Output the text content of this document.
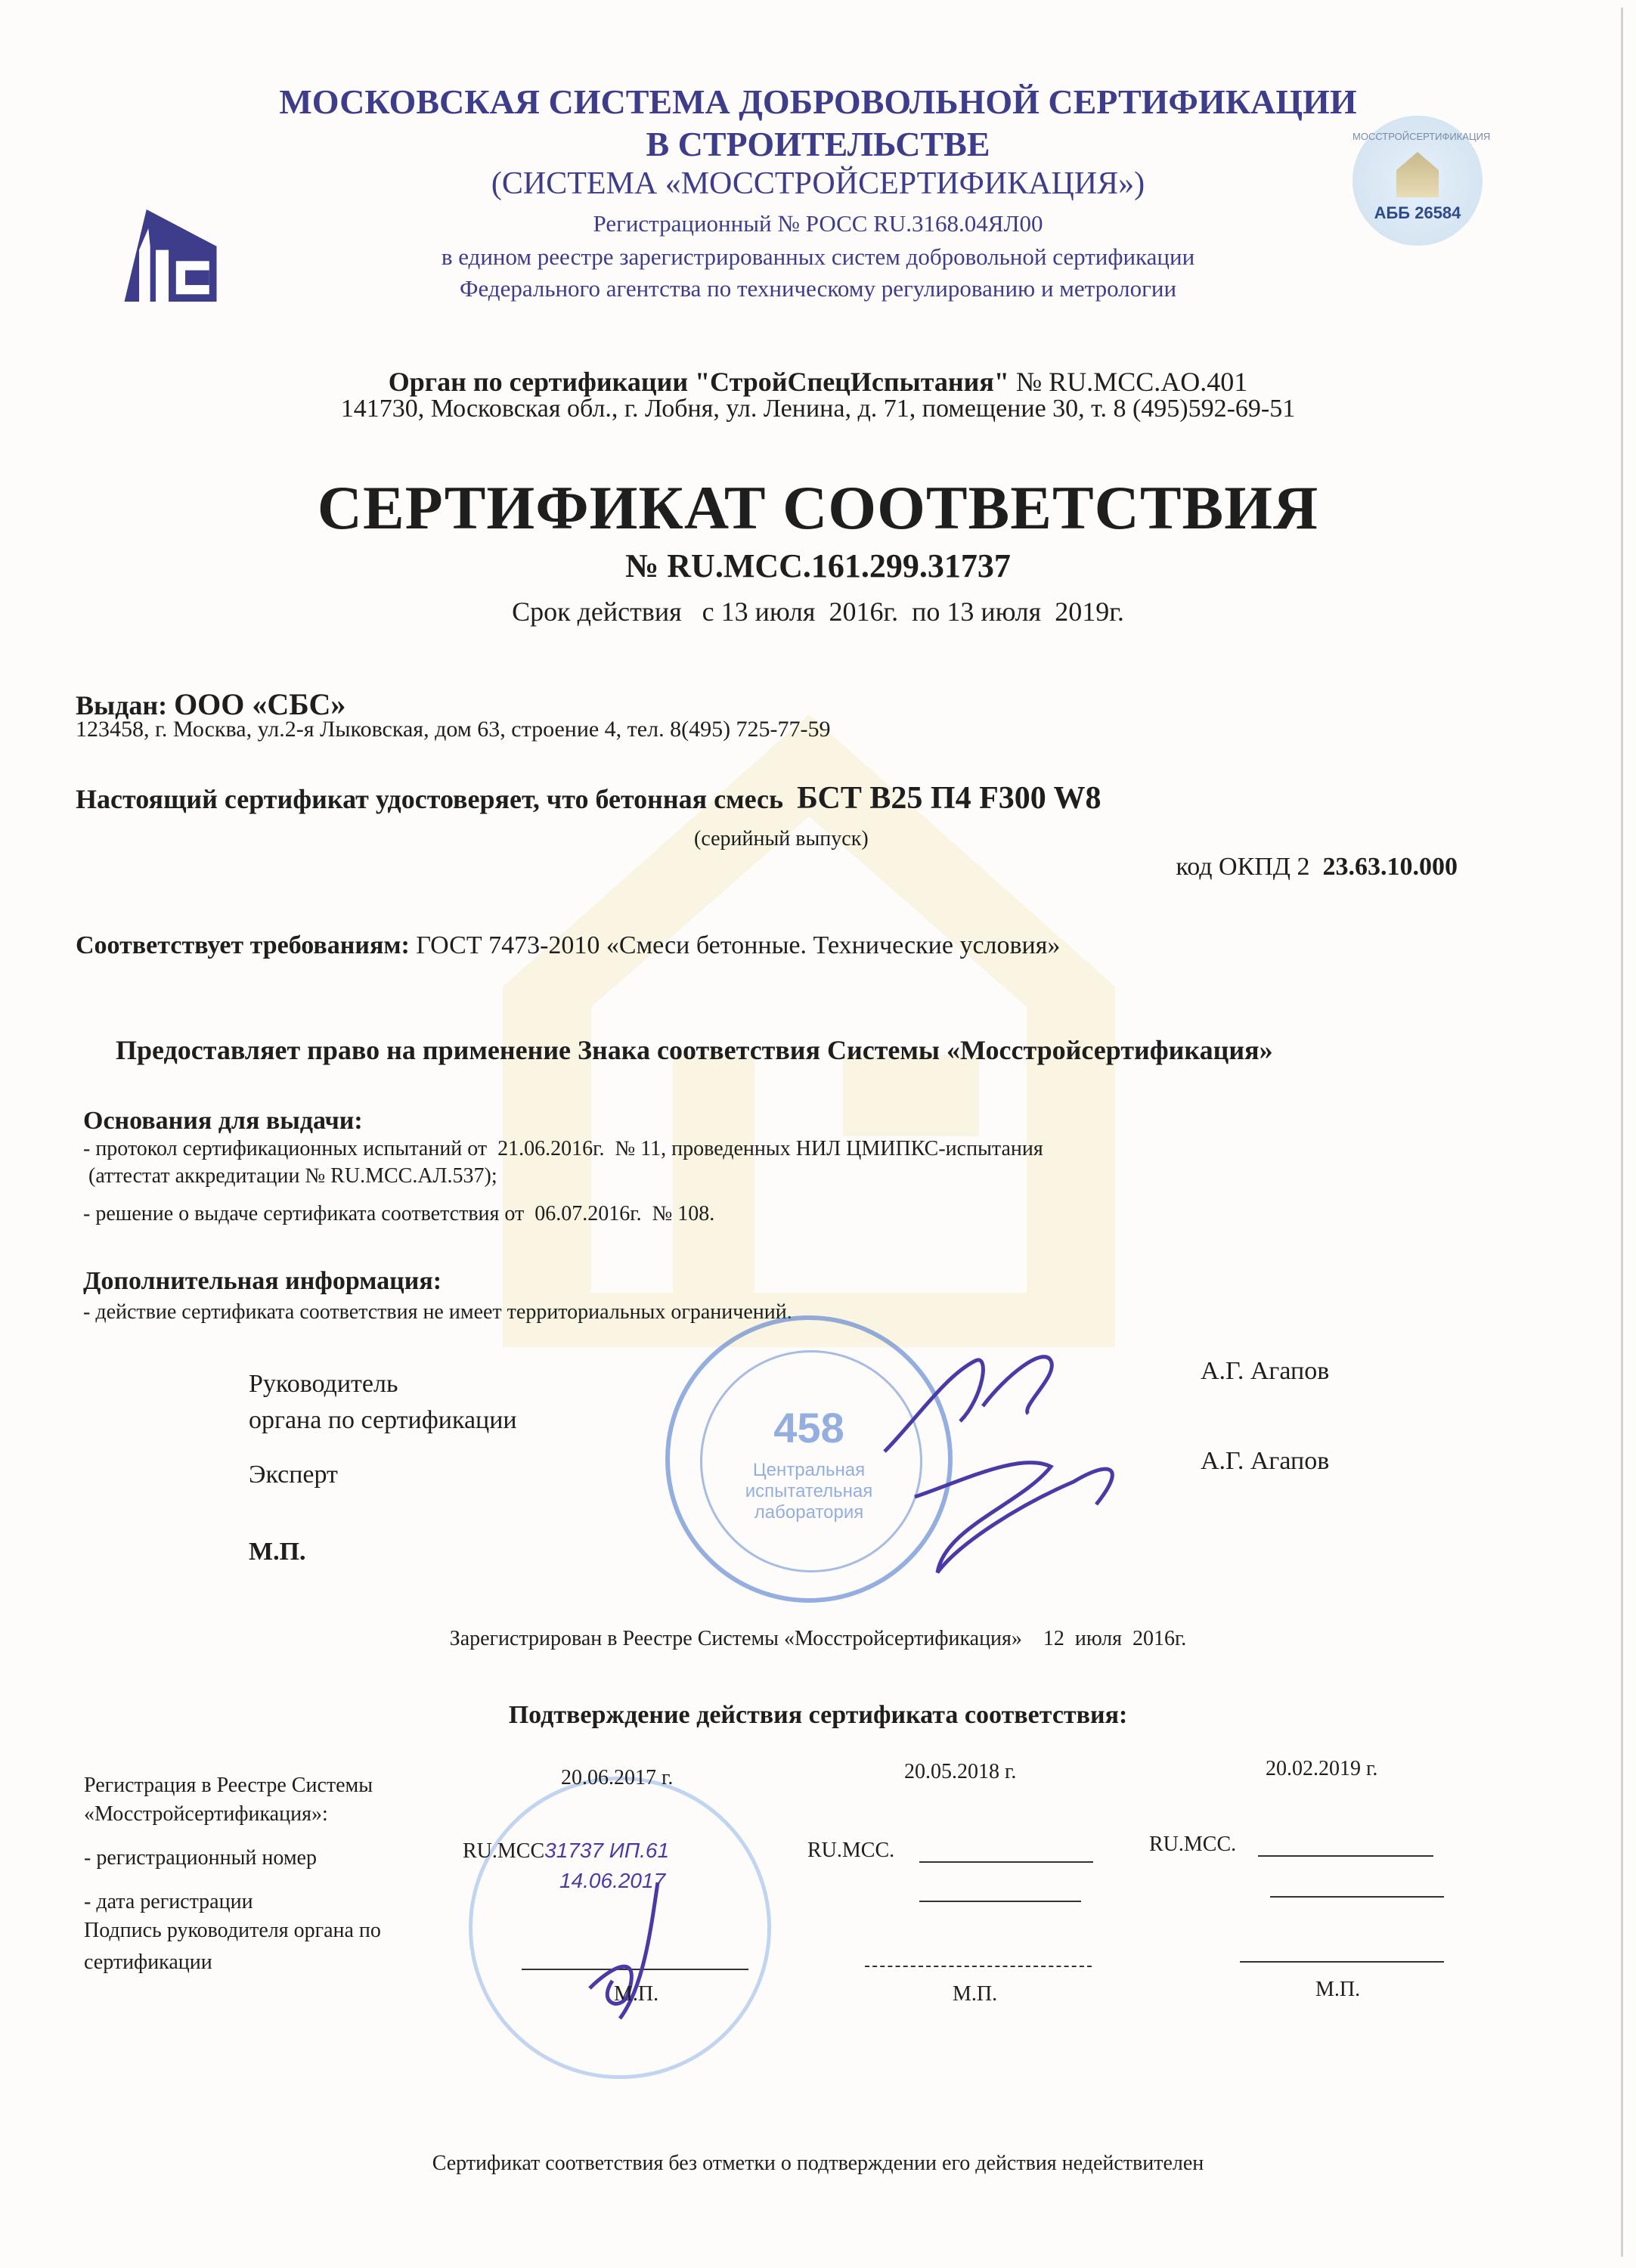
МОССТРОЙСЕРТИФИКАЦИЯ
АББ 26584
МОСКОВСКАЯ СИСТЕМА ДОБРОВОЛЬНОЙ СЕРТИФИКАЦИИ
В СТРОИТЕЛЬСТВЕ
(СИСТЕМА «МОССТРОЙСЕРТИФИКАЦИЯ»)
Регистрационный № РОСС RU.3168.04ЯЛ00
в едином реестре зарегистрированных систем добровольной сертификации
Федерального агентства по техническому регулированию и метрологии
Орган по сертификации "СтройСпецИспытания" № RU.MCC.AO.401
141730, Московская обл., г. Лобня, ул. Ленина, д. 71, помещение 30, т. 8 (495)592-69-51
СЕРТИФИКАТ СООТВЕТСТВИЯ
№ RU.MCC.161.299.31737
Срок действия   с 13 июля  2016г.  по 13 июля  2019г.
Выдан: ООО «СБС»
123458, г. Москва, ул.2-я Лыковская, дом 63, строение 4, тел. 8(495) 725-77-59
Настоящий сертификат удостоверяет, что бетонная смесь БСТ В25 П4 F300 W8
(серийный выпуск)
код ОКПД 2 23.63.10.000
Соответствует требованиям: ГОСТ 7473-2010 «Смеси бетонные. Технические условия»
Предоставляет право на применение Знака соответствия Системы «Мосстройсертификация»
Основания для выдачи:
- протокол сертификационных испытаний от  21.06.2016г.  № 11, проведенных НИЛ ЦМИПКС-испытания
(аттестат аккредитации № RU.MCC.АЛ.537);
- решение о выдаче сертификата соответствия от  06.07.2016г.  № 108.
Дополнительная информация:
- действие сертификата соответствия не имеет территориальных ограничений.
458
Центральная испытательная лаборатория
Руководитель
органа по сертификации
Эксперт
М.П.
А.Г. Агапов
А.Г. Агапов
Зарегистрирован в Реестре Системы «Мосстройсертификация»    12  июля  2016г.
Подтверждение действия сертификата соответствия:
Регистрация в Реестре Системы
«Мосстройсертификация»:
- регистрационный номер
- дата регистрации
Подпись руководителя органа по
сертификации
20.06.2017 г.
RU.MCC31737 ИП.61
14.06.2017
М.П.
20.05.2018 г.
RU.MCC.
М.П.
20.02.2019 г.
RU.MCC.
М.П.
Сертификат соответствия без отметки о подтверждении его действия недействителен
